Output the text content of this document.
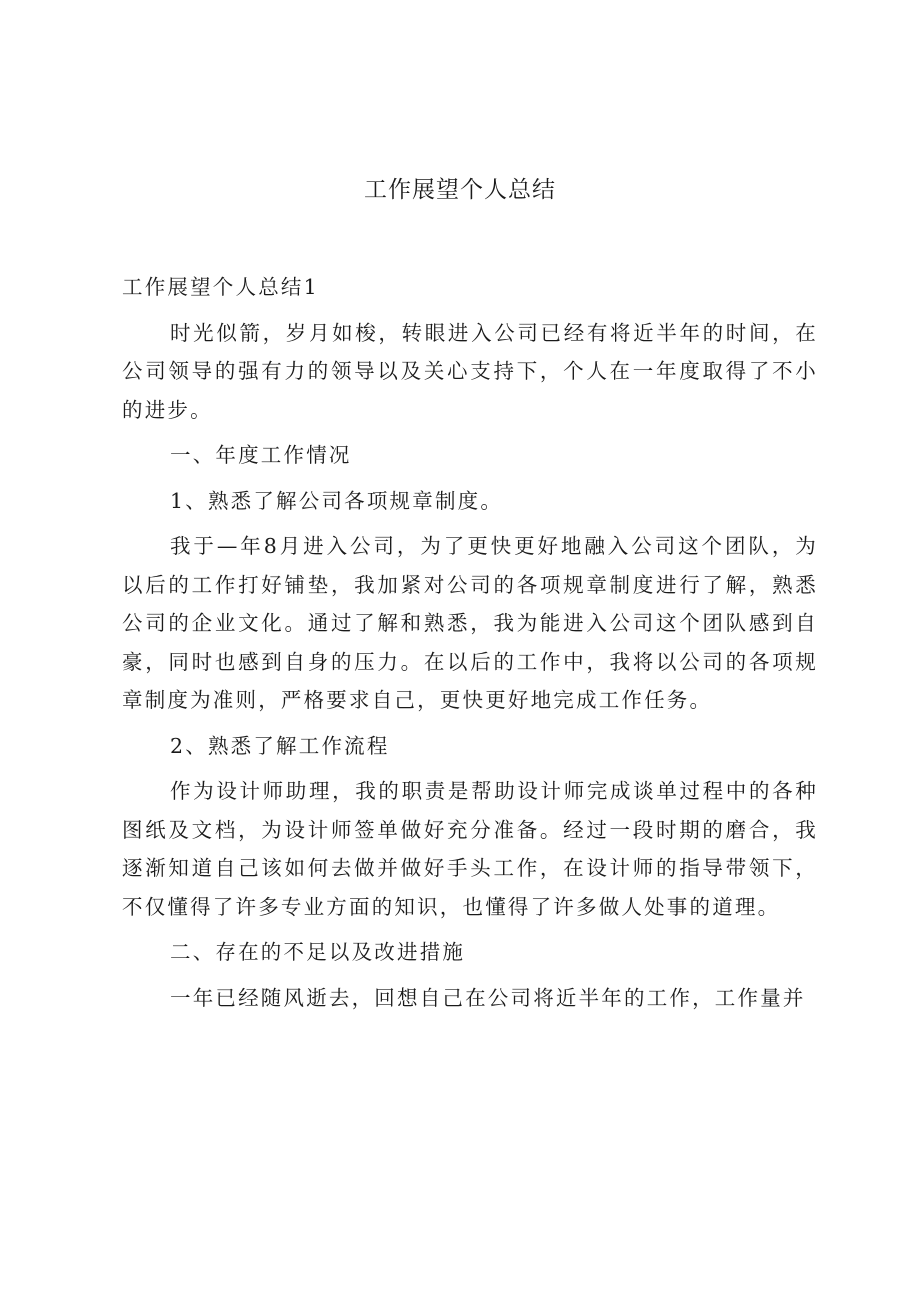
工作展望个人总结

工作展望个人总结1

时光似箭，岁月如梭，转眼进入公司已经有将近半年的时间，在公司领导的强有力的领导以及关心支持下，个人在一年度取得了不小的进步。

一、年度工作情况

1、熟悉了解公司各项规章制度。

我于—年8月进入公司，为了更快更好地融入公司这个团队，为以后的工作打好铺垫，我加紧对公司的各项规章制度进行了解，熟悉公司的企业文化。通过了解和熟悉，我为能进入公司这个团队感到自豪，同时也感到自身的压力。在以后的工作中，我将以公司的各项规章制度为准则，严格要求自己，更快更好地完成工作任务。

2、熟悉了解工作流程

作为设计师助理，我的职责是帮助设计师完成谈单过程中的各种图纸及文档，为设计师签单做好充分准备。经过一段时期的磨合，我逐渐知道自己该如何去做并做好手头工作，在设计师的指导带领下，不仅懂得了许多专业方面的知识，也懂得了许多做人处事的道理。

二、存在的不足以及改进措施

一年已经随风逝去，回想自己在公司将近半年的工作，工作量并
